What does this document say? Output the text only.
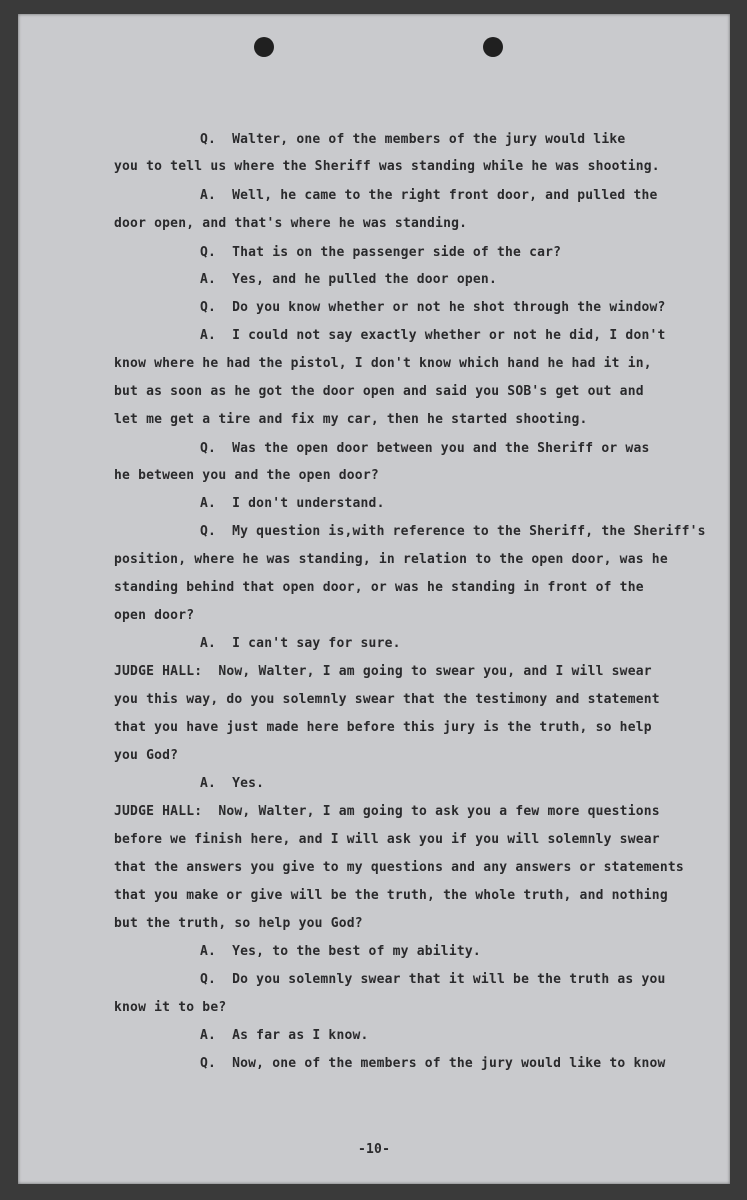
Q.  Walter, one of the members of the jury would like
you to tell us where the Sheriff was standing while he was shooting.
A.  Well, he came to the right front door, and pulled the
door open, and that's where he was standing.
Q.  That is on the passenger side of the car?
A.  Yes, and he pulled the door open.
Q.  Do you know whether or not he shot through the window?
A.  I could not say exactly whether or not he did, I don't
know where he had the pistol, I don't know which hand he had it in,
but as soon as he got the door open and said you SOB's get out and
let me get a tire and fix my car, then he started shooting.
Q.  Was the open door between you and the Sheriff or was
he between you and the open door?
A.  I don't understand.
Q.  My question is,with reference to the Sheriff, the Sheriff's
position, where he was standing, in relation to the open door, was he
standing behind that open door, or was he standing in front of the
open door?
A.  I can't say for sure.
JUDGE HALL:  Now, Walter, I am going to swear you, and I will swear
you this way, do you solemnly swear that the testimony and statement
that you have just made here before this jury is the truth, so help
you God?
A.  Yes.
JUDGE HALL:  Now, Walter, I am going to ask you a few more questions
before we finish here, and I will ask you if you will solemnly swear
that the answers you give to my questions and any answers or statements
that you make or give will be the truth, the whole truth, and nothing
but the truth, so help you God?
A.  Yes, to the best of my ability.
Q.  Do you solemnly swear that it will be the truth as you
know it to be?
A.  As far as I know.
Q.  Now, one of the members of the jury would like to know
-10-
